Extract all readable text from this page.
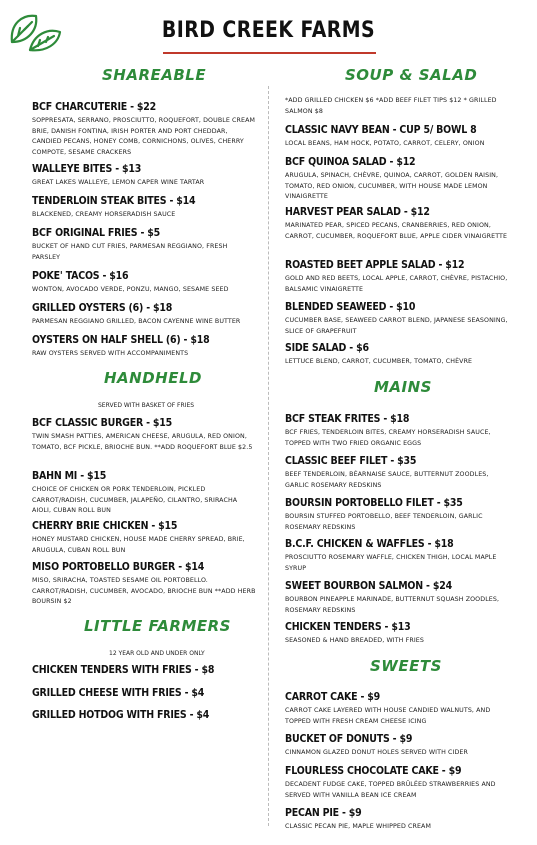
BIRD CREEK FARMS
SHAREABLE
BCF CHARCUTERIE - $22
SOPPRESATA, SERRANO, PROSCIUTTO, ROQUEFORT, DOUBLE CREAM BRIE, DANISH FONTINA, IRISH PORTER AND PORT CHEDDAR, CANDIED PECANS, HONEY COMB, CORNICHONS, OLIVES, CHERRY COMPOTE, SESAME CRACKERS
WALLEYE BITES - $13
GREAT LAKES WALLEYE, LEMON CAPER WINE TARTAR
TENDERLOIN STEAK BITES - $14
BLACKENED, CREAMY HORSERADISH SAUCE
BCF ORIGINAL FRIES - $5
BUCKET OF HAND CUT FRIES, PARMESAN REGGIANO, FRESH PARSLEY
POKE' TACOS - $16
WONTON, AVOCADO VERDE, PONZU, MANGO, SESAME SEED
GRILLED OYSTERS (6) - $18
PARMESAN REGGIANO GRILLED, BACON CAYENNE WINE BUTTER
OYSTERS ON HALF SHELL (6) - $18
RAW OYSTERS SERVED WITH ACCOMPANIMENTS
HANDHELD
SERVED WITH BASKET OF FRIES
BCF CLASSIC BURGER - $15
TWIN SMASH PATTIES, AMERICAN CHEESE, ARUGULA, RED ONION, TOMATO, BCF PICKLE, BRIOCHE BUN. **ADD ROQUEFORT BLUE $2.5
BAHN MI - $15
CHOICE OF CHICKEN OR PORK TENDERLOIN, PICKLED CARROT/RADISH, CUCUMBER, JALAPEÑO, CILANTRO, SRIRACHA AIOLI, CUBAN ROLL BUN
CHERRY BRIE CHICKEN - $15
HONEY MUSTARD CHICKEN, HOUSE MADE CHERRY SPREAD, BRIE, ARUGULA, CUBAN ROLL BUN
MISO PORTOBELLO BURGER - $14
MISO, SRIRACHA, TOASTED SESAME OIL PORTOBELLO. CARROT/RADISH, CUCUMBER, AVOCADO, BRIOCHE BUN **ADD HERB BOURSIN $2
LITTLE FARMERS
12 YEAR OLD AND UNDER ONLY
CHICKEN TENDERS WITH FRIES - $8
GRILLED CHEESE WITH FRIES - $4
GRILLED HOTDOG WITH FRIES - $4
SOUP & SALAD
*ADD GRILLED CHICKEN $6 *ADD BEEF FILET TIPS $12 * GRILLED SALMON $8
CLASSIC NAVY BEAN - CUP 5/ BOWL 8
LOCAL BEANS, HAM HOCK, POTATO, CARROT, CELERY, ONION
BCF QUINOA SALAD - $12
ARUGULA, SPINACH, CHÈVRE, QUINOA, CARROT, GOLDEN RAISIN, TOMATO, RED ONION, CUCUMBER, WITH HOUSE MADE LEMON VINAIGRETTE
HARVEST PEAR SALAD - $12
MARINATED PEAR, SPICED PECANS, CRANBERRIES, RED ONION, CARROT, CUCUMBER, ROQUEFORT BLUE, APPLE CIDER VINAIGRETTE
ROASTED BEET APPLE SALAD - $12
GOLD AND RED BEETS, LOCAL APPLE, CARROT, CHÈVRE, PISTACHIO, BALSAMIC VINAIGRETTE
BLENDED SEAWEED - $10
CUCUMBER BASE, SEAWEED CARROT BLEND, JAPANESE SEASONING, SLICE OF GRAPEFRUIT
SIDE SALAD - $6
LETTUCE BLEND, CARROT, CUCUMBER, TOMATO, CHÈVRE
MAINS
BCF STEAK FRITES - $18
BCF FRIES, TENDERLOIN BITES, CREAMY HORSERADISH SAUCE, TOPPED WITH TWO FRIED ORGANIC EGGS
CLASSIC BEEF FILET - $35
BEEF TENDERLOIN, BÉARNAISE SAUCE, BUTTERNUT ZOODLES, GARLIC ROSEMARY REDSKINS
BOURSIN PORTOBELLO FILET - $35
BOURSIN STUFFED PORTOBELLO, BEEF TENDERLOIN, GARLIC ROSEMARY REDSKINS
B.C.F. CHICKEN & WAFFLES - $18
PROSCIUTTO ROSEMARY WAFFLE, CHICKEN THIGH, LOCAL MAPLE SYRUP
SWEET BOURBON SALMON - $24
BOURBON PINEAPPLE MARINADE, BUTTERNUT SQUASH ZOODLES, ROSEMARY REDSKINS
CHICKEN TENDERS - $13
SEASONED & HAND BREADED, WITH FRIES
SWEETS
CARROT CAKE - $9
CARROT CAKE LAYERED WITH HOUSE CANDIED WALNUTS, AND TOPPED WITH FRESH CREAM CHEESE ICING
BUCKET OF DONUTS - $9
CINNAMON GLAZED DONUT HOLES SERVED WITH CIDER
FLOURLESS CHOCOLATE CAKE - $9
DECADENT FUDGE CAKE, TOPPED BRÛLÉED STRAWBERRIES AND SERVED WITH VANILLA BEAN ICE CREAM
PECAN PIE - $9
CLASSIC PECAN PIE, MAPLE WHIPPED CREAM
